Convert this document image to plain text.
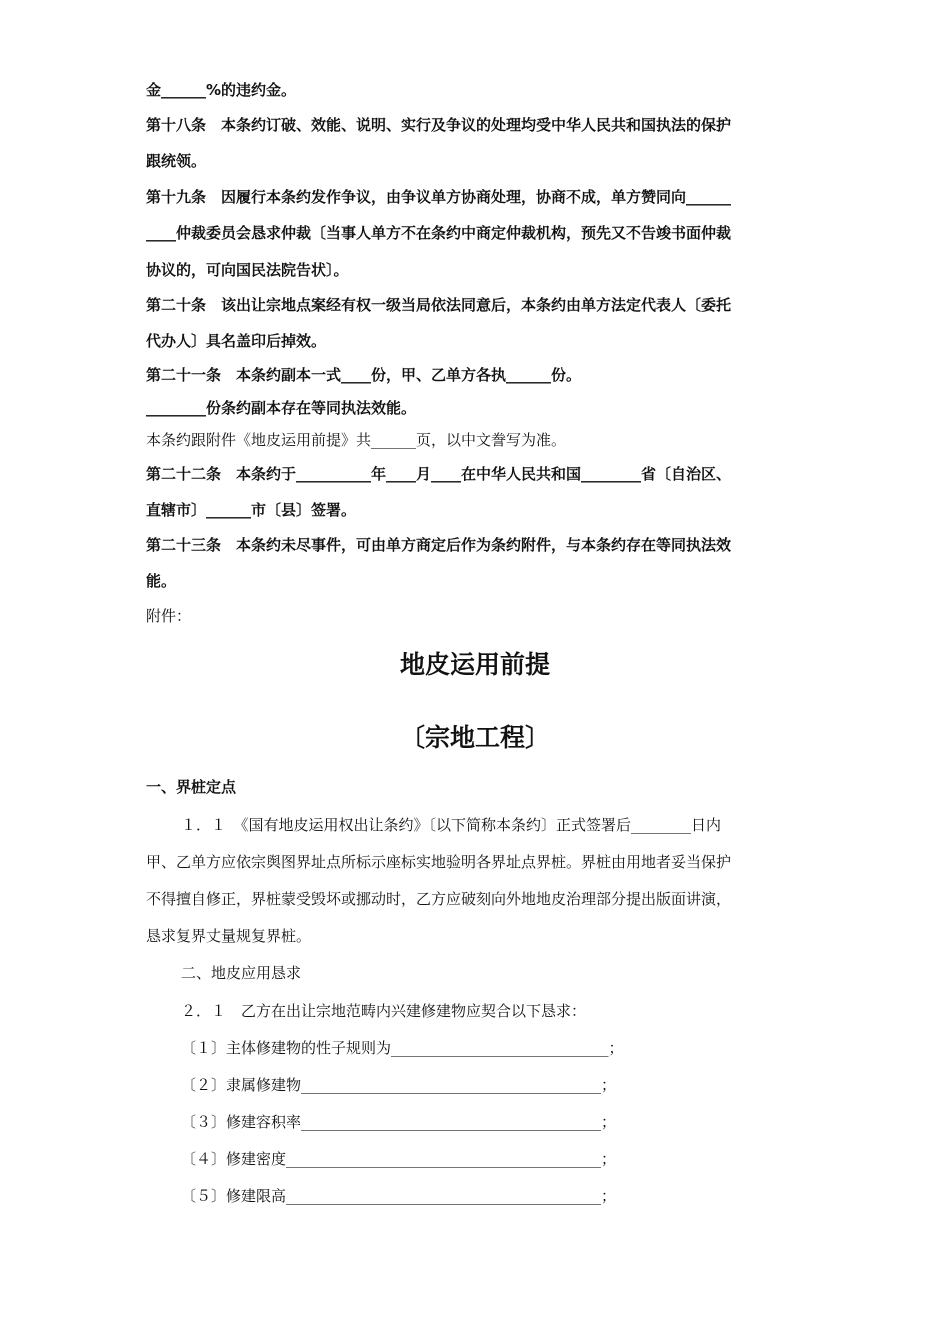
金______%的违约金。
第十八条　本条约订破、效能、说明、实行及争议的处理均受中华人民共和国执法的保护
跟统领。
第十九条　因履行本条约发作争议，由争议单方协商处理，协商不成，单方赞同向______
____仲裁委员会恳求仲裁〔当事人单方不在条约中商定仲裁机构，预先又不告竣书面仲裁
协议的，可向国民法院告状〕。
第二十条　该出让宗地点案经有权一级当局依法同意后，本条约由单方法定代表人〔委托
代办人〕具名盖印后掉效。
第二十一条　本条约副本一式____份，甲、乙单方各执______份。
________份条约副本存在等同执法效能。
本条约跟附件《地皮运用前提》共______页，以中文誊写为准。
第二十二条　本条约于__________年____月____在中华人民共和国________省〔自治区、
直辖市〕______市〔县〕签署。
第二十三条　本条约未尽事件，可由单方商定后作为条约附件，与本条约存在等同执法效
能。
附件：
地皮运用前提
〔宗地工程〕
一、界桩定点
１．１　《国有地皮运用权出让条约》〔以下简称本条约〕正式签署后________日内
甲、乙单方应依宗舆图界址点所标示座标实地验明各界址点界桩。界桩由用地者妥当保护
不得擅自修正，界桩蒙受毁坏或挪动时，乙方应破刻向外地地皮治理部分提出版面讲演，
恳求复界丈量规复界桩。
二、地皮应用恳求
２．１　乙方在出让宗地范畴内兴建修建物应契合以下恳求：
〔１〕主体修建物的性子规则为_____________________________；
〔２〕隶属修建物________________________________________；
〔３〕修建容积率________________________________________；
〔４〕修建密度__________________________________________；
〔５〕修建限高__________________________________________；
